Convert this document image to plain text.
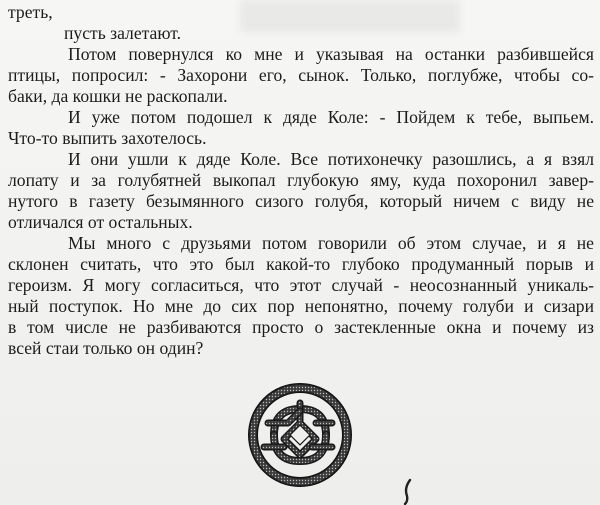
треть,
пусть залетают.
Потом повернулся ко мне и указывая на останки разбившейся
птицы, попросил: - Захорони его, сынок. Только, поглубже, чтобы со-
баки, да кошки не раскопали.
И уже потом подошел к дяде Коле: - Пойдем к тебе, выпьем.
Что-то выпить захотелось.
И они ушли к дяде Коле. Все потихонечку разошлись, а я взял
лопату и за голубятней выкопал глубокую яму, куда похоронил завер-
нутого в газету безымянного сизого голубя, который ничем с виду не
отличался от остальных.
Мы много с друзьями потом говорили об этом случае, и я не
склонен считать, что это был какой-то глубоко продуманный порыв и
героизм. Я могу согласиться, что этот случай - неосознанный уникаль-
ный поступок. Но мне до сих пор непонятно, почему голуби и сизари
в том числе не разбиваются просто о застекленные окна и почему из
всей стаи только он один?
